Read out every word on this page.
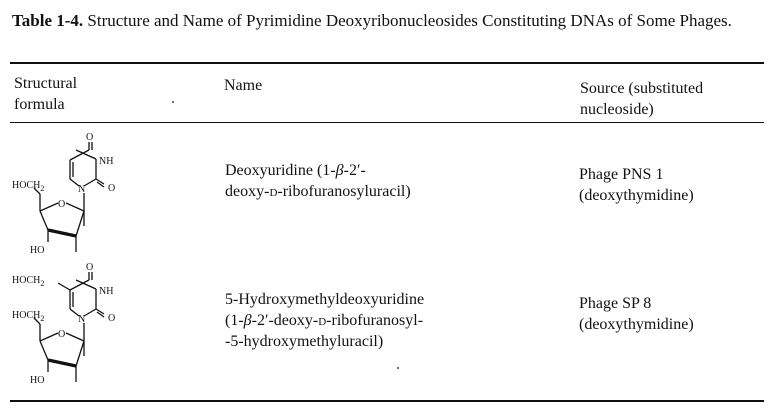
Table 1-4. Structure and Name of Pyrimidine Deoxyribonucleosides Constituting DNAs of Some Phages.
Structural formula
Name	Source (substituted nucleoside)
O
NH
N O
$HOCH_2$
O
HO
Deoxyuridine (1-β-2′-
deoxy-d-ribofuranosyluracil)
Phage PNS 1
(deoxythymidine)
O
$HOCH_2$
NH
N O
$HOCH_2$
O
HO
5-Hydroxymethyldeoxyuridine
(1-β-2′-deoxy-d-ribofuranosyl-
-5-hydroxymethyluracil)
Phage SP 8
(deoxythymidine)
